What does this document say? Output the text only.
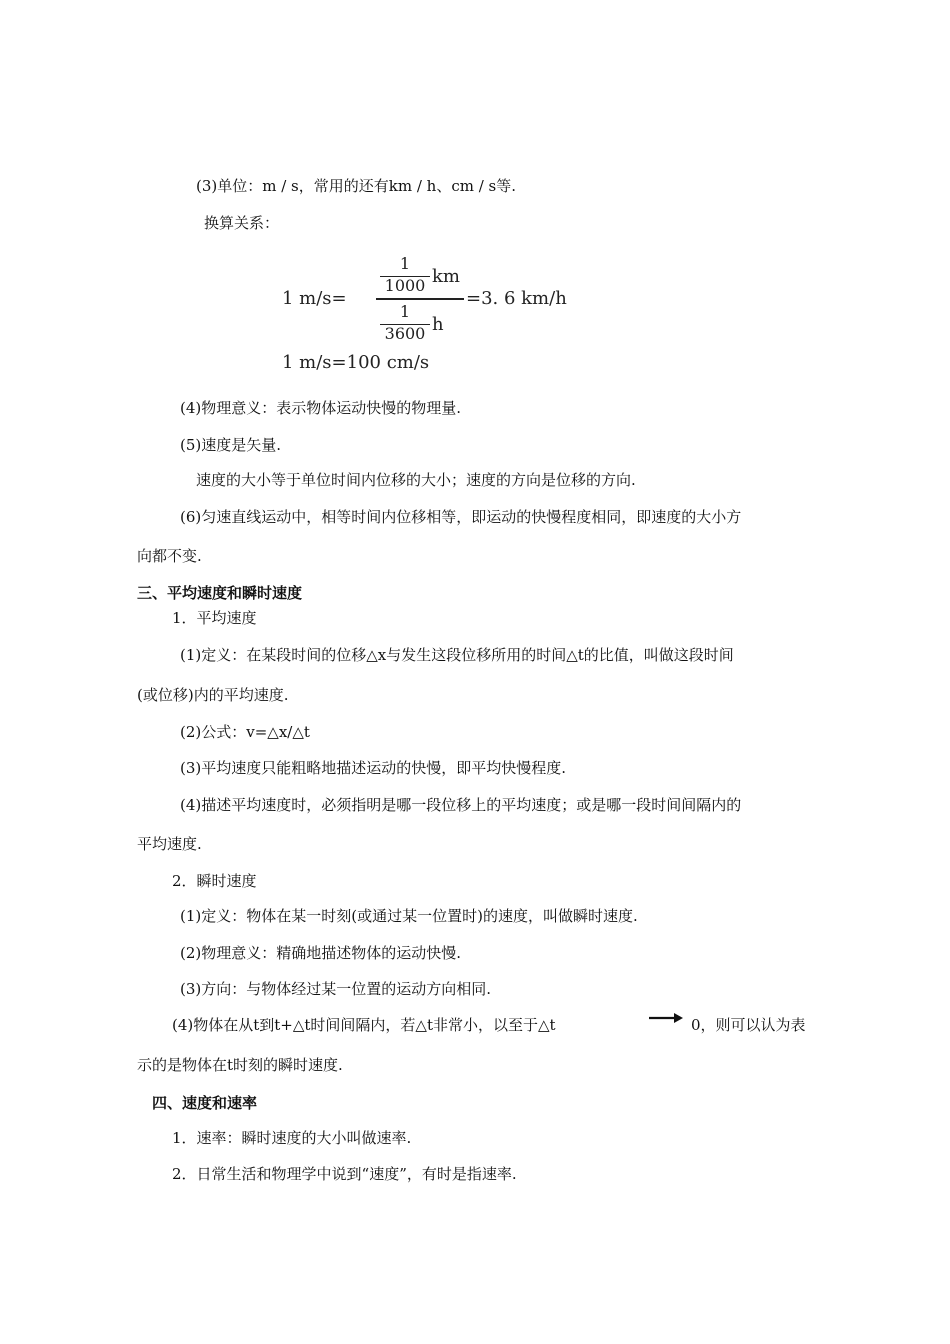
(3)单位：m / s，常用的还有km / h、cm / s等.
换算关系：
1 m/s=
1
1000 km
1
3600 h
=3. 6 km/h
1 m/s=100 cm/s
(4)物理意义：表示物体运动快慢的物理量.
(5)速度是矢量.
速度的大小等于单位时间内位移的大小；速度的方向是位移的方向.
(6)匀速直线运动中，相等时间内位移相等，即运动的快慢程度相同，即速度的大小方
向都不变.
三、平均速度和瞬时速度
1．平均速度
(1)定义：在某段时间的位移△x与发生这段位移所用的时间△t的比值，叫做这段时间
(或位移)内的平均速度.
(2)公式：v=△x/△t
(3)平均速度只能粗略地描述运动的快慢，即平均快慢程度.
(4)描述平均速度时，必须指明是哪一段位移上的平均速度；或是哪一段时间间隔内的
平均速度.
2．瞬时速度
(1)定义：物体在某一时刻(或通过某一位置时)的速度，叫做瞬时速度.
(2)物理意义：精确地描述物体的运动快慢.
(3)方向：与物体经过某一位置的运动方向相同.
(4)物体在从t到t+△t时间间隔内，若△t非常小，以至于△t	0，则可以认为表
示的是物体在t时刻的瞬时速度.
四、速度和速率
1．速率：瞬时速度的大小叫做速率.
2．日常生活和物理学中说到“速度”，有时是指速率.
